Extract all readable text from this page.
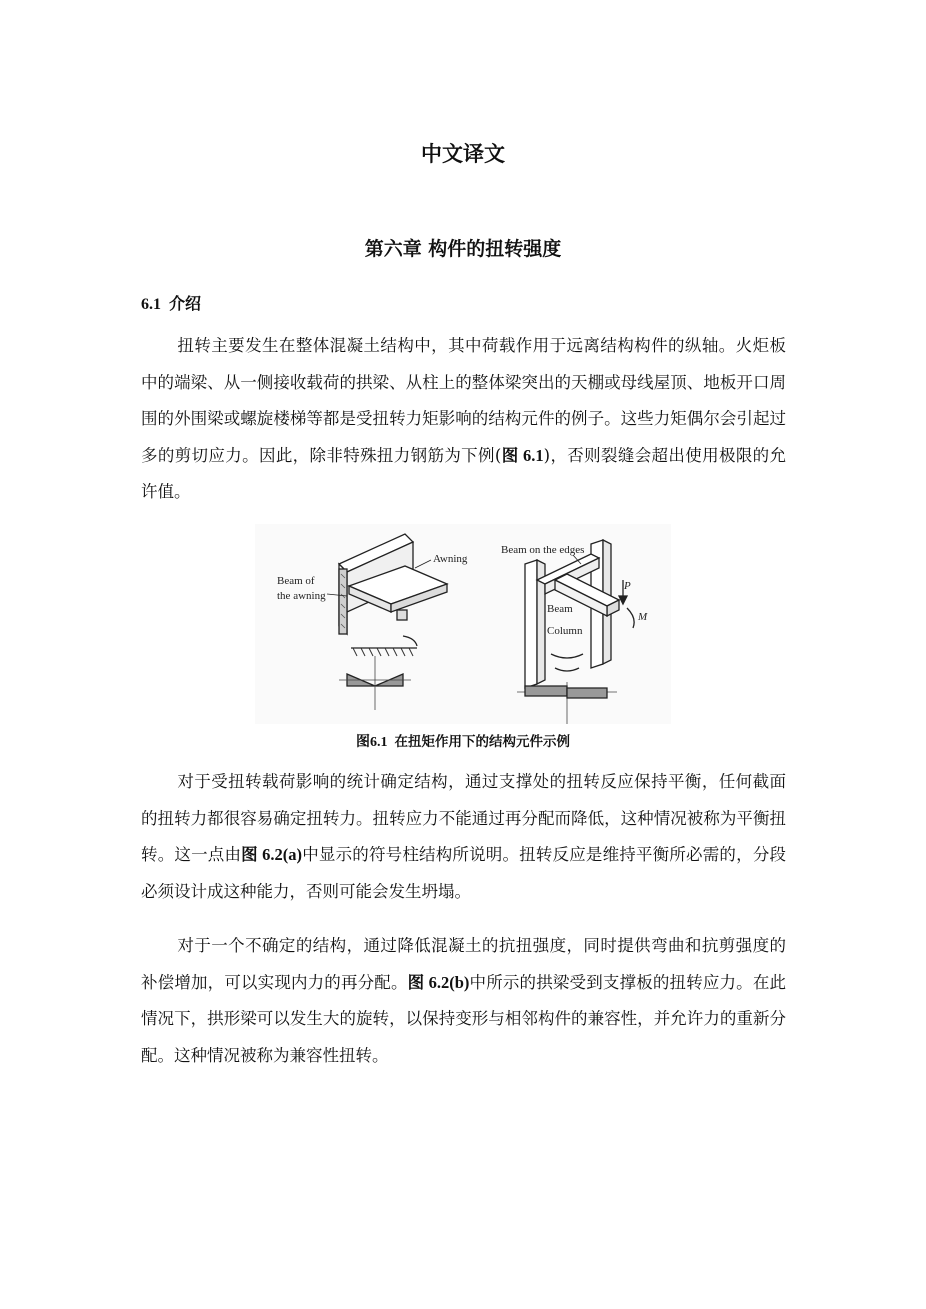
中文译文
第六章 构件的扭转强度
6.1 介绍

扭转主要发生在整体混凝土结构中，其中荷载作用于远离结构构件的纵轴。火炬板中的端梁、从一侧接收载荷的拱梁、从柱上的整体梁突出的天棚或母线屋顶、地板开口周围的外围梁或螺旋楼梯等都是受扭转力矩影响的结构元件的例子。这些力矩偶尔会引起过多的剪切应力。因此，除非特殊扭力钢筋为下例(图 6.1)，否则裂缝会超出使用极限的允许值。

Awning
Beam of
the awning
Beam on the edges
P
M
Beam
Column

图6.1 在扭矩作用下的结构元件示例

对于受扭转载荷影响的统计确定结构，通过支撑处的扭转反应保持平衡，任何截面的扭转力都很容易确定扭转力。扭转应力不能通过再分配而降低，这种情况被称为平衡扭转。这一点由图 6.2(a)中显示的符号柱结构所说明。扭转反应是维持平衡所必需的，分段必须设计成这种能力，否则可能会发生坍塌。

对于一个不确定的结构，通过降低混凝土的抗扭强度，同时提供弯曲和抗剪强度的补偿增加，可以实现内力的再分配。图 6.2(b)中所示的拱梁受到支撑板的扭转应力。在此情况下，拱形梁可以发生大的旋转，以保持变形与相邻构件的兼容性，并允许力的重新分配。这种情况被称为兼容性扭转。
